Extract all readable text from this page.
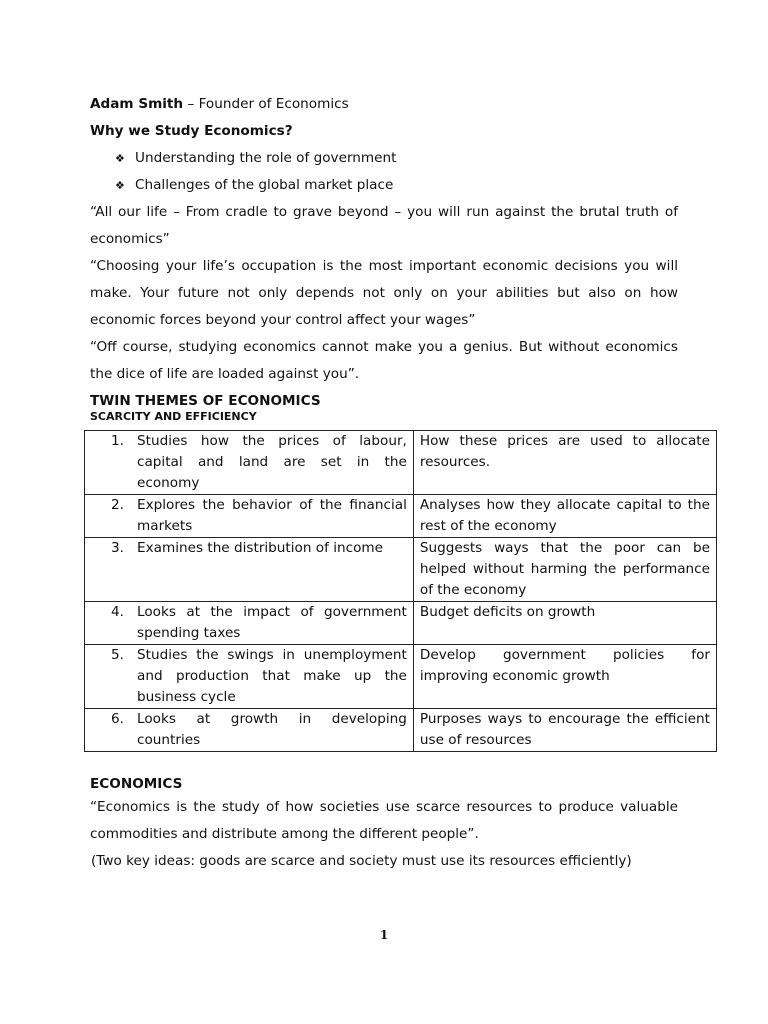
Adam Smith – Founder of Economics
Why we Study Economics?
❖ Understanding the role of government
❖ Challenges of the global market place
“All our life – From cradle to grave beyond – you will run against the brutal truth of
economics”
“Choosing your life’s occupation is the most important economic decisions you will
make. Your future not only depends not only on your abilities but also on how
economic forces beyond your control affect your wages”
“Off course, studying economics cannot make you a genius. But without economics
the dice of life are loaded against you”.
TWIN THEMES OF ECONOMICS
SCARCITY AND EFFICIENCY
1. Studies how the prices of labour, capital and land are set in the economy	How these prices are used to allocate resources.

2. Explores the behavior of the financial markets	Analyses how they allocate capital to the rest of the economy

3. Examines the distribution of income	Suggests ways that the poor can be helped without harming the performance of the economy

4. Looks at the impact of government spending taxes	Budget deficits on growth

5. Studies the swings in unemployment and production that make up the business cycle	Develop government policies for improving economic growth

6. Looks at growth in developing countries	Purposes ways to encourage the efficient use of resources
ECONOMICS
“Economics is the study of how societies use scarce resources to produce valuable
commodities and distribute among the different people”.
(Two key ideas: goods are scarce and society must use its resources efficiently)
1
